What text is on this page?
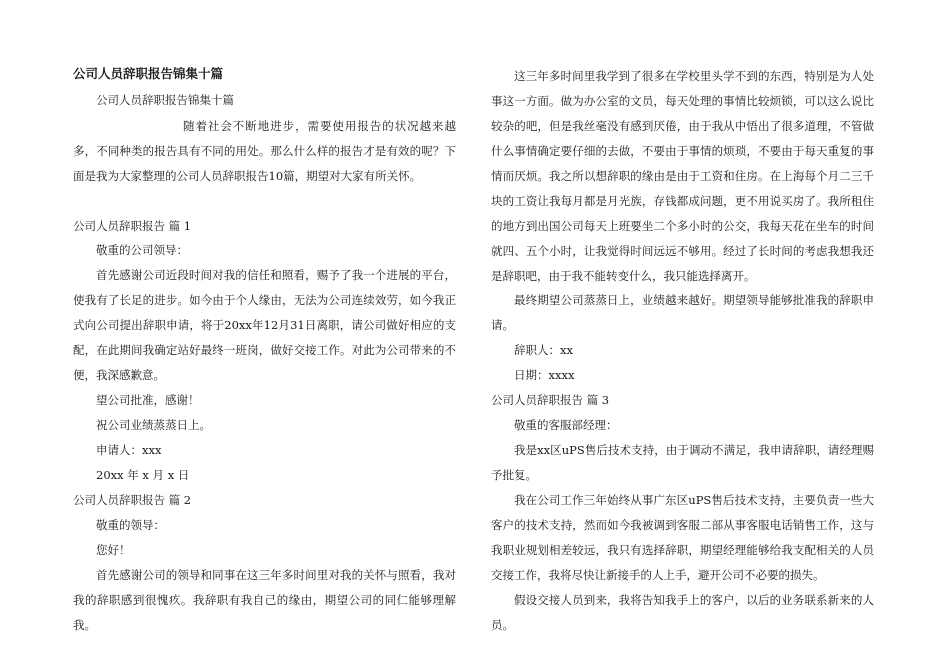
公司人员辞职报告锦集十篇

公司人员辞职报告锦集十篇

随着社会不断地进步，需要使用报告的状况越来越多，不同种类的报告具有不同的用处。那么什么样的报告才是有效的呢？下面是我为大家整理的公司人员辞职报告10篇，期望对大家有所关怀。

公司人员辞职报告 篇 1

敬重的公司领导：

首先感谢公司近段时间对我的信任和照看，赐予了我一个进展的平台，使我有了长足的进步。如今由于个人缘由，无法为公司连续效劳，如今我正式向公司提出辞职申请，将于20xx年12月31日离职，请公司做好相应的支配，在此期间我确定站好最终一班岗，做好交接工作。对此为公司带来的不便，我深感歉意。

望公司批准，感谢！

祝公司业绩蒸蒸日上。

申请人：xxx

20xx 年 x 月 x 日

公司人员辞职报告 篇 2

敬重的领导：

您好！

首先感谢公司的领导和同事在这三年多时间里对我的关怀与照看，我对我的辞职感到很愧疚。我辞职有我自己的缘由，期望公司的同仁能够理解我。

这三年多时间里我学到了很多在学校里头学不到的东西，特别是为人处事这一方面。做为办公室的文员，每天处理的事情比较烦锁，可以这么说比较杂的吧，但是我丝毫没有感到厌倦，由于我从中悟出了很多道理，不管做什么事情确定要仔细的去做，不要由于事情的烦琐，不要由于每天重复的事情而厌烦。我之所以想辞职的缘由是由于工资和住房。在上海每个月二三千块的工资让我每月都是月光族，存钱都成问题，更不用说买房了。我所租住的地方到出国公司每天上班要坐二个多小时的公交，我每天花在坐车的时间就四、五个小时，让我觉得时间远远不够用。经过了长时间的考虑我想我还是辞职吧，由于我不能转变什么，我只能选择离开。

最终期望公司蒸蒸日上，业绩越来越好。期望领导能够批准我的辞职申请。

辞职人：xx

日期：xxxx

公司人员辞职报告 篇 3

敬重的客服部经理：

我是xx区uPS售后技术支持，由于调动不满足，我申请辞职，请经理赐予批复。

我在公司工作三年始终从事广东区uPS售后技术支持，主要负责一些大客户的技术支持，然而如今我被调到客服二部从事客服电话销售工作，这与我职业规划相差较远，我只有选择辞职，期望经理能够给我支配相关的人员交接工作，我将尽快让新接手的人上手，避开公司不必要的损失。

假设交接人员到来，我将告知我手上的客户，以后的业务联系新来的人员。
